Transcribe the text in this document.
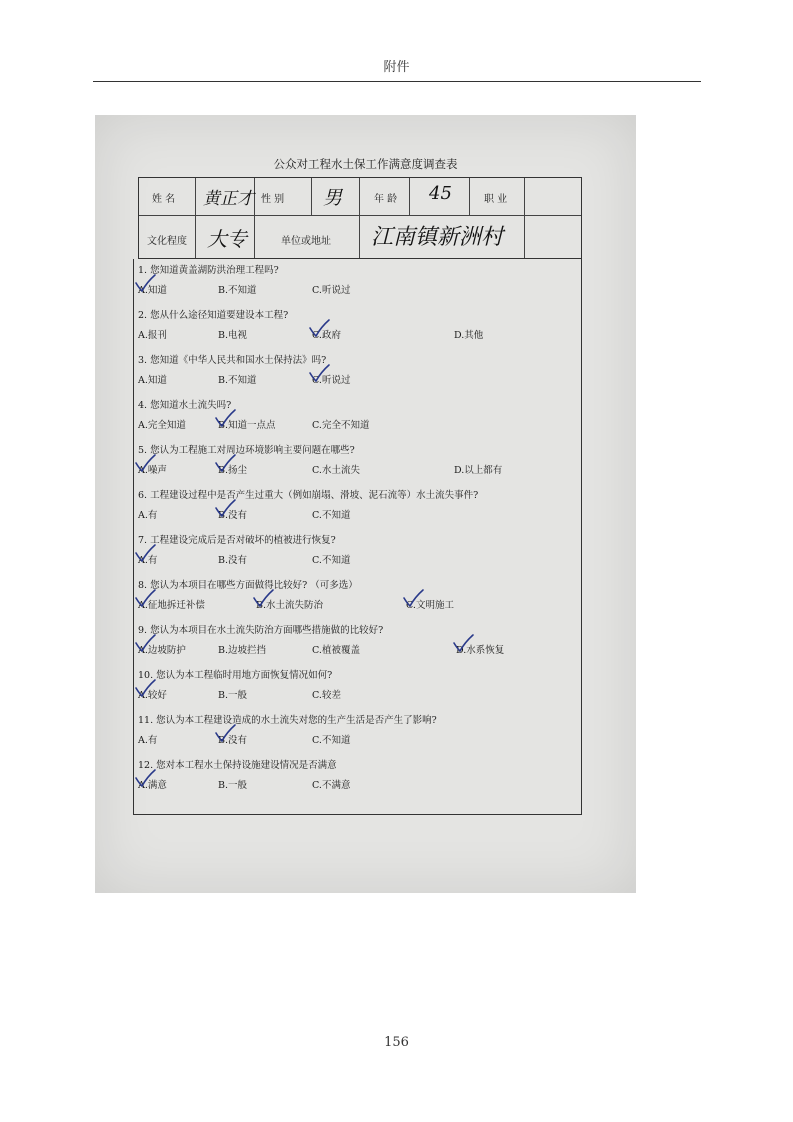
附件
公众对工程水土保工作满意度调查表
姓 名 黄正才 性 别 男	年 龄 45	职 业
文化程度 大专	单位或地址 江南镇新洲村
1. 您知道黄盖湖防洪治理工程吗?
A.知道	B.不知道	C.听说过
2. 您从什么途径知道要建设本工程?
A.报刊	B.电视	C.政府	D.其他
3. 您知道《中华人民共和国水土保持法》吗?
A.知道	B.不知道	C.听说过
4. 您知道水土流失吗?
A.完全知道	B.知道一点点	C.完全不知道
5. 您认为工程施工对周边环境影响主要问题在哪些?
A.噪声	B.扬尘	C.水土流失	D.以上都有
6. 工程建设过程中是否产生过重大（例如崩塌、滑坡、泥石流等）水土流失事件?
A.有	B.没有	C.不知道
7. 工程建设完成后是否对破坏的植被进行恢复?
A.有	B.没有	C.不知道
8. 您认为本项目在哪些方面做得比较好? （可多选）
A.征地拆迁补偿	B.水土流失防治	C.文明施工
9. 您认为本项目在水土流失防治方面哪些措施做的比较好?
A.边坡防护	B.边坡拦挡	C.植被覆盖	D.水系恢复
10. 您认为本工程临时用地方面恢复情况如何?
A.较好	B.一般	C.较差
11. 您认为本工程建设造成的水土流失对您的生产生活是否产生了影响?
A.有	B.没有	C.不知道
12. 您对本工程水土保持设施建设情况是否满意
A.满意	B.一般	C.不满意
156
